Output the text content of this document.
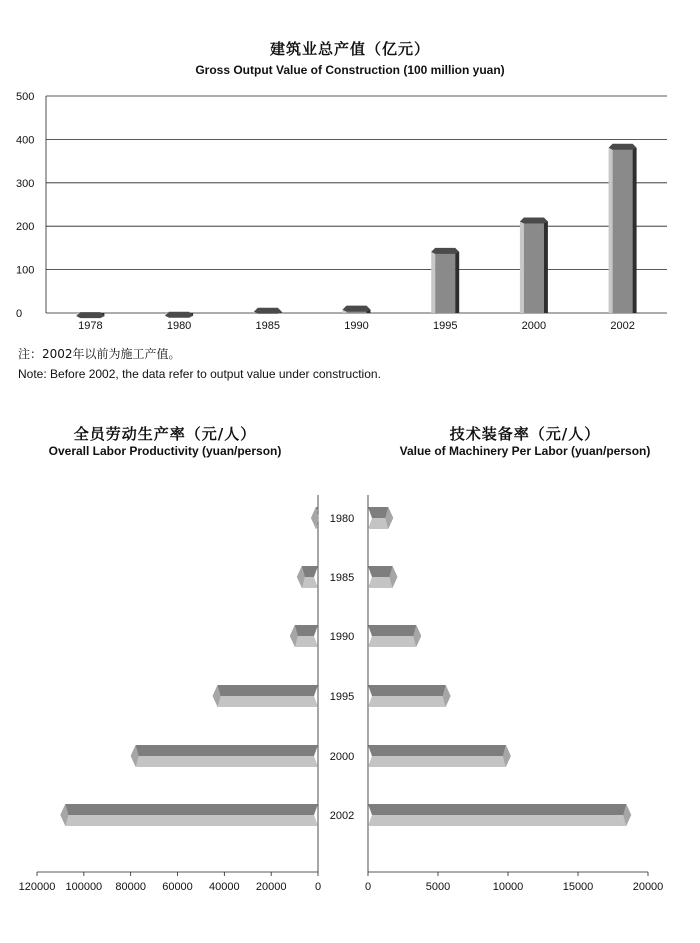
建筑业总产值（亿元）
Gross Output Value of Construction (100 million yuan)
注：2002年以前为施工产值。
Note: Before 2002, the data refer to output value under construction.
全员劳动生产率（元/人）
Overall Labor Productivity (yuan/person)
技术装备率（元/人）
Value of Machinery Per Labor (yuan/person)
0
100
200
300
400
500
1978	1980	1985	1990	1995	2000	2002
120000 100000 80000 60000 40000 20000	0
1980
1985
1990
1995
2000
2002
0	5000	10000	15000	20000
